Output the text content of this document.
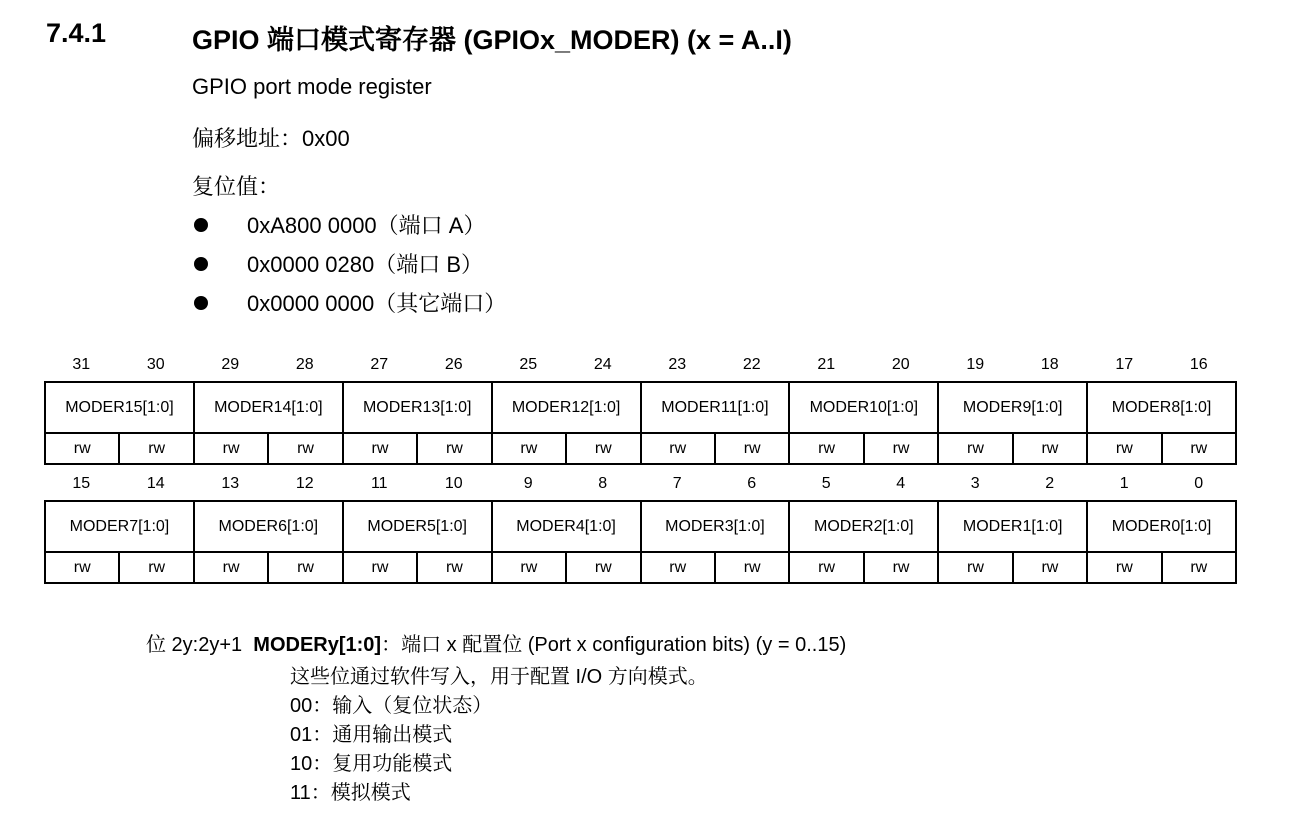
7.4.1	GPIO 端口模式寄存器 (GPIOx_MODER) (x = A..I)
GPIO port mode register
偏移地址：0x00
复位值：
0xA800 0000（端口 A）
0x0000 0280（端口 B）
0x0000 0000（其它端口）
31	30	29	28	27	26	25	24	23	22	21	20	19	18	17	16
MODER15[1:0]		MODER14[1:0]		MODER13[1:0]		MODER12[1:0]		MODER11[1:0]		MODER10[1:0]		MODER9[1:0]		MODER8[1:0]	
rw	rw	rw	rw	rw	rw	rw	rw	rw	rw	rw	rw	rw	rw	rw	rw
15	14	13	12	11	10	9	8	7	6	5	4	3	2	1	0
MODER7[1:0]		MODER6[1:0]		MODER5[1:0]		MODER4[1:0]		MODER3[1:0]		MODER2[1:0]		MODER1[1:0]		MODER0[1:0]	
rw	rw	rw	rw	rw	rw	rw	rw	rw	rw	rw	rw	rw	rw	rw	rw
位 2y:2y+1 MODERy[1:0]：端口 x 配置位 (Port x configuration bits) (y = 0..15)
这些位通过软件写入，用于配置 I/O 方向模式。
00：输入（复位状态）
01：通用输出模式
10：复用功能模式
11：模拟模式
